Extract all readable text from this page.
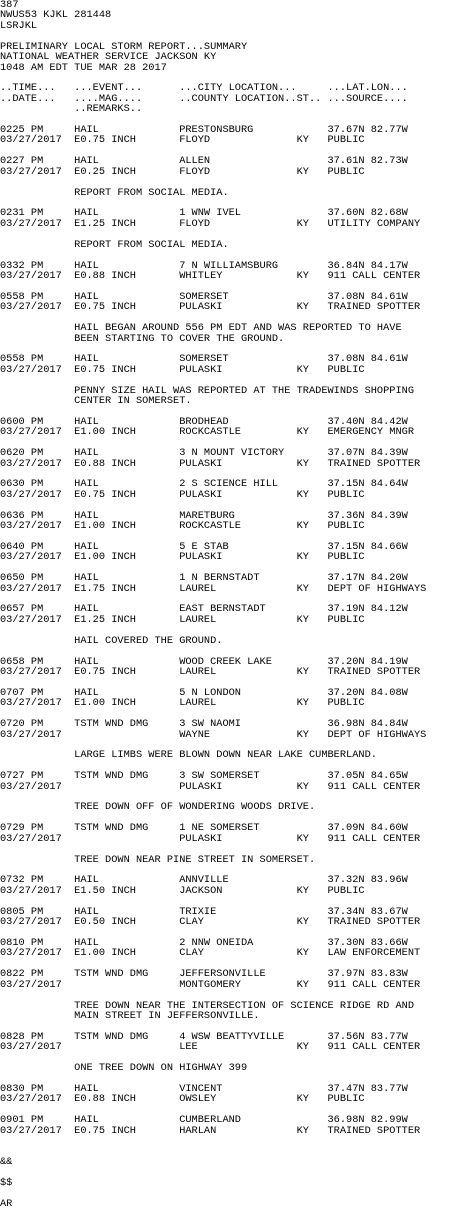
387
NWUS53 KJKL 281448
LSRJKL

PRELIMINARY LOCAL STORM REPORT...SUMMARY
NATIONAL WEATHER SERVICE JACKSON KY
1048 AM EDT TUE MAR 28 2017

..TIME...   ...EVENT...      ...CITY LOCATION...     ...LAT.LON...
..DATE...   ....MAG....      ..COUNTY LOCATION..ST.. ...SOURCE....
..REMARKS..

0225 PM     HAIL             PRESTONSBURG            37.67N 82.77W
03/27/2017  E0.75 INCH       FLOYD              KY   PUBLIC

0227 PM     HAIL             ALLEN                   37.61N 82.73W
03/27/2017  E0.25 INCH       FLOYD              KY   PUBLIC

REPORT FROM SOCIAL MEDIA.

0231 PM     HAIL             1 WNW IVEL              37.60N 82.68W
03/27/2017  E1.25 INCH       FLOYD              KY   UTILITY COMPANY

REPORT FROM SOCIAL MEDIA.

0332 PM     HAIL             7 N WILLIAMSBURG        36.84N 84.17W
03/27/2017  E0.88 INCH       WHITLEY            KY   911 CALL CENTER

0558 PM     HAIL             SOMERSET                37.08N 84.61W
03/27/2017  E0.75 INCH       PULASKI            KY   TRAINED SPOTTER

HAIL BEGAN AROUND 556 PM EDT AND WAS REPORTED TO HAVE
BEEN STARTING TO COVER THE GROUND.

0558 PM     HAIL             SOMERSET                37.08N 84.61W
03/27/2017  E0.75 INCH       PULASKI            KY   PUBLIC

PENNY SIZE HAIL WAS REPORTED AT THE TRADEWINDS SHOPPING
CENTER IN SOMERSET.

0600 PM     HAIL             BRODHEAD                37.40N 84.42W
03/27/2017  E1.00 INCH       ROCKCASTLE         KY   EMERGENCY MNGR

0620 PM     HAIL             3 N MOUNT VICTORY       37.07N 84.39W
03/27/2017  E0.88 INCH       PULASKI            KY   TRAINED SPOTTER

0630 PM     HAIL             2 S SCIENCE HILL        37.15N 84.64W
03/27/2017  E0.75 INCH       PULASKI            KY   PUBLIC

0636 PM     HAIL             MARETBURG               37.36N 84.39W
03/27/2017  E1.00 INCH       ROCKCASTLE         KY   PUBLIC

0640 PM     HAIL             5 E STAB                37.15N 84.66W
03/27/2017  E1.00 INCH       PULASKI            KY   PUBLIC

0650 PM     HAIL             1 N BERNSTADT           37.17N 84.20W
03/27/2017  E1.75 INCH       LAUREL             KY   DEPT OF HIGHWAYS

0657 PM     HAIL             EAST BERNSTADT          37.19N 84.12W
03/27/2017  E1.25 INCH       LAUREL             KY   PUBLIC

HAIL COVERED THE GROUND.

0658 PM     HAIL             WOOD CREEK LAKE         37.20N 84.19W
03/27/2017  E0.75 INCH       LAUREL             KY   TRAINED SPOTTER

0707 PM     HAIL             5 N LONDON              37.20N 84.08W
03/27/2017  E1.00 INCH       LAUREL             KY   PUBLIC

0720 PM     TSTM WND DMG     3 SW NAOMI              36.98N 84.84W
03/27/2017                   WAYNE              KY   DEPT OF HIGHWAYS

LARGE LIMBS WERE BLOWN DOWN NEAR LAKE CUMBERLAND.

0727 PM     TSTM WND DMG     3 SW SOMERSET           37.05N 84.65W
03/27/2017                   PULASKI            KY   911 CALL CENTER

TREE DOWN OFF OF WONDERING WOODS DRIVE.

0729 PM     TSTM WND DMG     1 NE SOMERSET           37.09N 84.60W
03/27/2017                   PULASKI            KY   911 CALL CENTER

TREE DOWN NEAR PINE STREET IN SOMERSET.

0732 PM     HAIL             ANNVILLE                37.32N 83.96W
03/27/2017  E1.50 INCH       JACKSON            KY   PUBLIC

0805 PM     HAIL             TRIXIE                  37.34N 83.67W
03/27/2017  E0.50 INCH       CLAY               KY   TRAINED SPOTTER

0810 PM     HAIL             2 NNW ONEIDA            37.30N 83.66W
03/27/2017  E1.00 INCH       CLAY               KY   LAW ENFORCEMENT

0822 PM     TSTM WND DMG     JEFFERSONVILLE          37.97N 83.83W
03/27/2017                   MONTGOMERY         KY   911 CALL CENTER

TREE DOWN NEAR THE INTERSECTION OF SCIENCE RIDGE RD AND
MAIN STREET IN JEFFERSONVILLE.

0828 PM     TSTM WND DMG     4 WSW BEATTYVILLE       37.56N 83.77W
03/27/2017                   LEE                KY   911 CALL CENTER

ONE TREE DOWN ON HIGHWAY 399

0830 PM     HAIL             VINCENT                 37.47N 83.77W
03/27/2017  E0.88 INCH       OWSLEY             KY   PUBLIC

0901 PM     HAIL             CUMBERLAND              36.98N 82.99W
03/27/2017  E0.75 INCH       HARLAN             KY   TRAINED SPOTTER

&&

$$

AR
